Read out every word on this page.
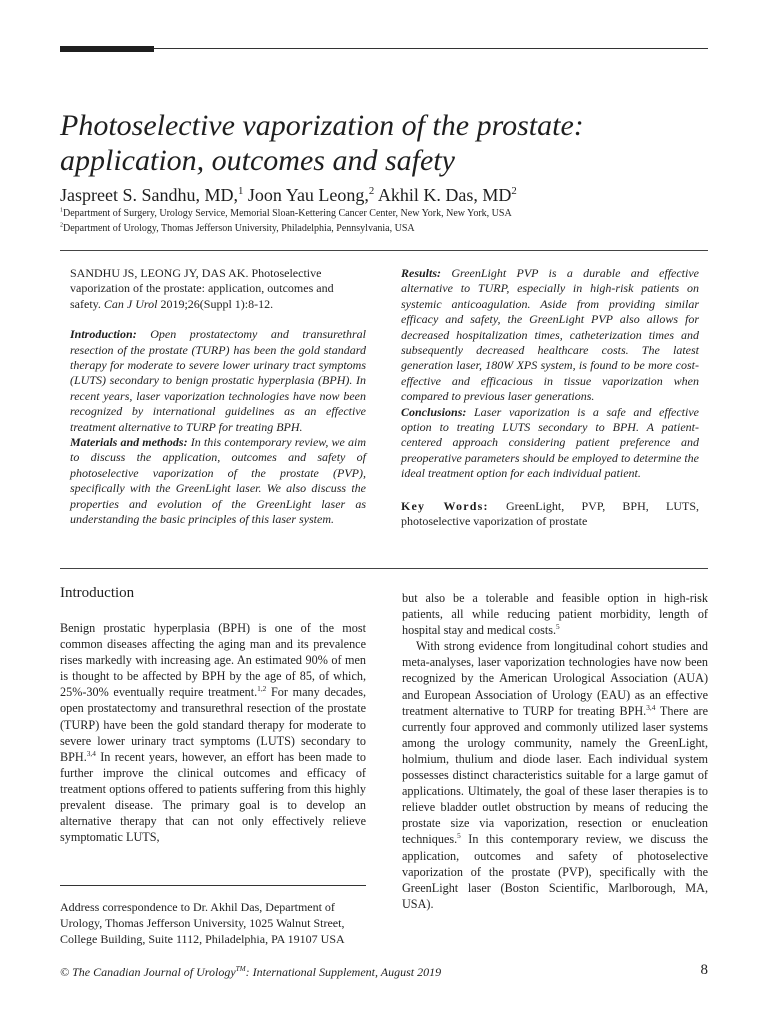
Photoselective vaporization of the prostate: application, outcomes and safety
Jaspreet S. Sandhu, MD,$^1$ Joon Yau Leong,$^2$ Akhil K. Das, $MD^2$
$^1$Department of Surgery, Urology Service, Memorial Sloan-Kettering Cancer Center, New York, New York, USA
$^2$Department of Urology, Thomas Jefferson University, Philadelphia, Pennsylvania, USA

SANDHU JS, LEONG JY, DAS AK. Photoselective vaporization of the prostate: application, outcomes and safety. Can J Urol 2019;26(Suppl 1):8-12.

Introduction: Open prostatectomy and transurethral resection of the prostate (TURP) has been the gold standard therapy for moderate to severe lower urinary tract symptoms (LUTS) secondary to benign prostatic hyperplasia (BPH). In recent years, laser vaporization technologies have now been recognized by international guidelines as an effective treatment alternative to TURP for treating BPH.

Materials and methods: In this contemporary review, we aim to discuss the application, outcomes and safety of photoselective vaporization of the prostate (PVP), specifically with the GreenLight laser. We also discuss the properties and evolution of the GreenLight laser as understanding the basic principles of this laser system.

Results: GreenLight PVP is a durable and effective alternative to TURP, especially in high-risk patients on systemic anticoagulation. Aside from providing similar efficacy and safety, the GreenLight PVP also allows for decreased hospitalization times, catheterization times and subsequently decreased healthcare costs. The latest generation laser, 180W XPS system, is found to be more cost-effective and efficacious in tissue vaporization when compared to previous laser generations.

Conclusions: Laser vaporization is a safe and effective option to treating LUTS secondary to BPH. A patient-centered approach considering patient preference and preoperative parameters should be employed to determine the ideal treatment option for each individual patient.

Key Words: GreenLight, PVP, BPH, LUTS, photoselective vaporization of prostate

Introduction

Benign prostatic hyperplasia (BPH) is one of the most common diseases affecting the aging man and its prevalence rises markedly with increasing age. An estimated 90% of men is thought to be affected by BPH by the age of 85, of which, 25%-30% eventually require treatment.$^{1,2}$ For many decades, open prostatectomy and transurethral resection of the prostate (TURP) have been the gold standard therapy for moderate to severe lower urinary tract symptoms (LUTS) secondary to BPH.$^{3,4}$ In recent years, however, an effort has been made to further improve the clinical outcomes and efficacy of treatment options offered to patients suffering from this highly prevalent disease. The primary goal is to develop an alternative therapy that can not only effectively relieve symptomatic LUTS,

but also be a tolerable and feasible option in high-risk patients, all while reducing patient morbidity, length of hospital stay and medical costs.$^5$

With strong evidence from longitudinal cohort studies and meta-analyses, laser vaporization technologies have now been recognized by the American Urological Association (AUA) and European Association of Urology (EAU) as an effective treatment alternative to TURP for treating BPH.$^{3,4}$ There are currently four approved and commonly utilized laser systems among the urology community, namely the GreenLight, holmium, thulium and diode laser. Each individual system possesses distinct characteristics suitable for a large gamut of applications. Ultimately, the goal of these laser therapies is to relieve bladder outlet obstruction by means of reducing the prostate size via vaporization, resection or enucleation techniques.$^5$ In this contemporary review, we discuss the application, outcomes and safety of photoselective vaporization of the prostate (PVP), specifically with the GreenLight laser (Boston Scientific, Marlborough, MA, USA).

Address correspondence to Dr. Akhil Das, Department of Urology, Thomas Jefferson University, 1025 Walnut Street, College Building, Suite 1112, Philadelphia, PA 19107 USA
© The Canadian Journal of Urology™: International Supplement, August 2019	8
